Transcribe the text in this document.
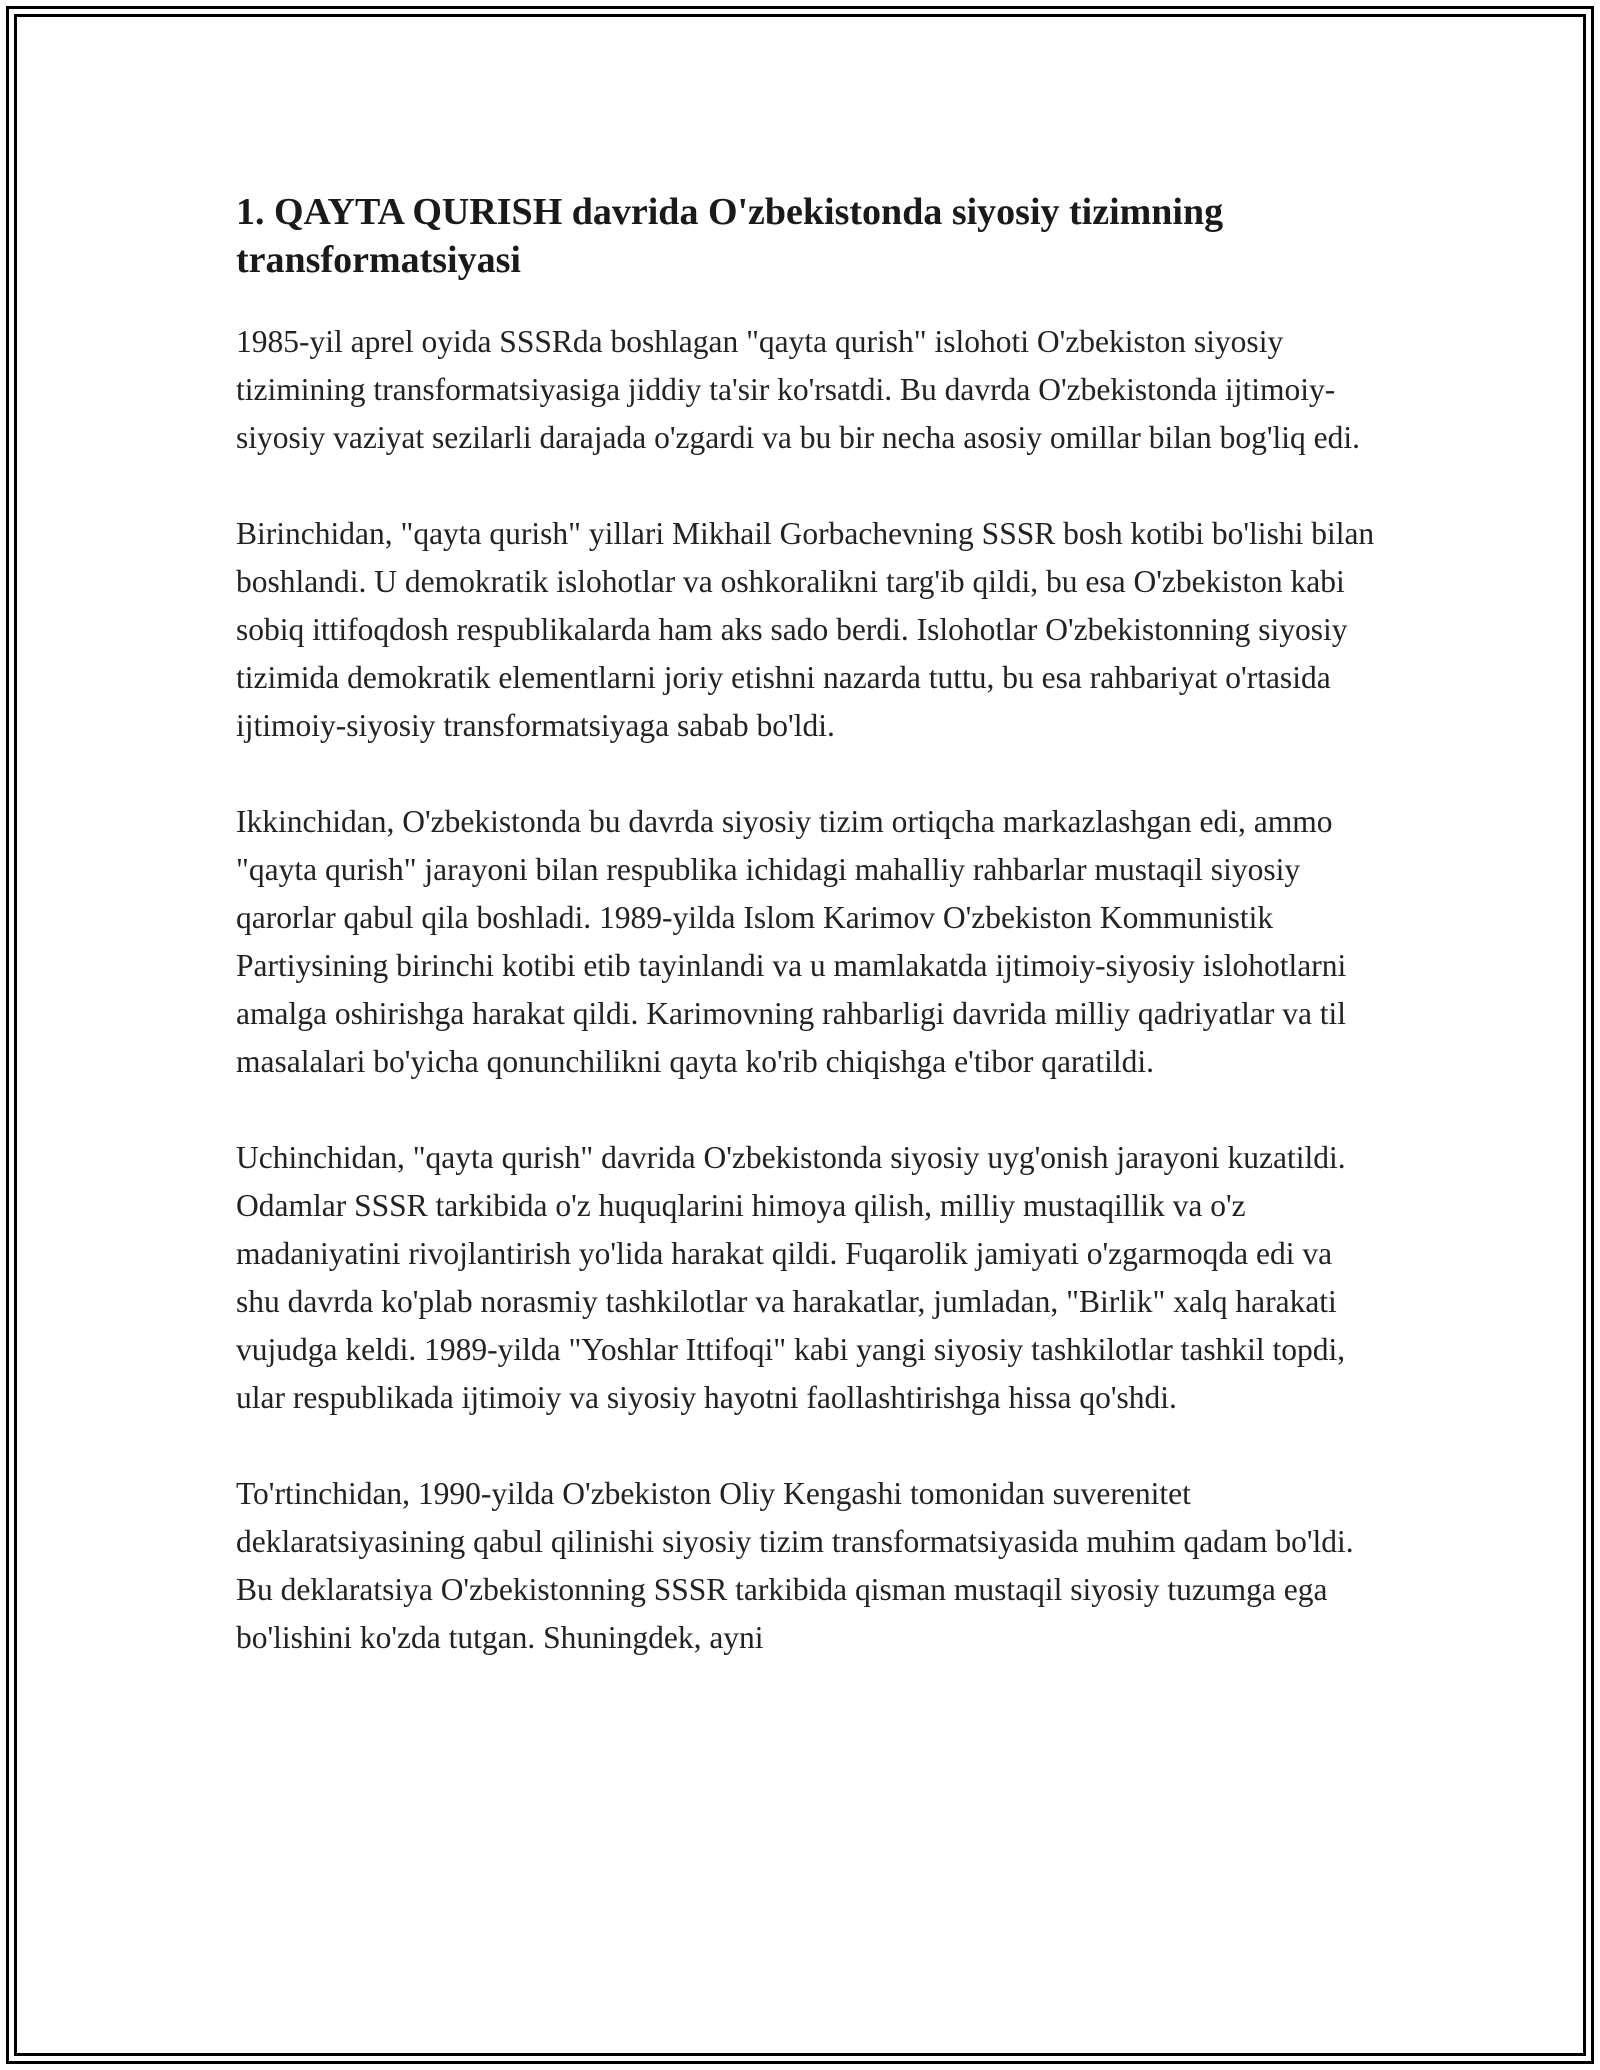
1. QAYTA QURISH davrida O'zbekistonda siyosiy tizimning transformatsiyasi

1985-yil aprel oyida SSSRda boshlagan "qayta qurish" islohoti O'zbekiston siyosiy tizimining transformatsiyasiga jiddiy ta'sir ko'rsatdi. Bu davrda O'zbekistonda ijtimoiy-siyosiy vaziyat sezilarli darajada o'zgardi va bu bir necha asosiy omillar bilan bog'liq edi.

Birinchidan, "qayta qurish" yillari Mikhail Gorbachevning SSSR bosh kotibi bo'lishi bilan boshlandi. U demokratik islohotlar va oshkoralikni targ'ib qildi, bu esa O'zbekiston kabi sobiq ittifoqdosh respublikalarda ham aks sado berdi. Islohotlar O'zbekistonning siyosiy tizimida demokratik elementlarni joriy etishni nazarda tuttu, bu esa rahbariyat o'rtasida ijtimoiy-siyosiy transformatsiyaga sabab bo'ldi.

Ikkinchidan, O'zbekistonda bu davrda siyosiy tizim ortiqcha markazlashgan edi, ammo "qayta qurish" jarayoni bilan respublika ichidagi mahalliy rahbarlar mustaqil siyosiy qarorlar qabul qila boshladi. 1989-yilda Islom Karimov O'zbekiston Kommunistik Partiysining birinchi kotibi etib tayinlandi va u mamlakatda ijtimoiy-siyosiy islohotlarni amalga oshirishga harakat qildi. Karimovning rahbarligi davrida milliy qadriyatlar va til masalalari bo'yicha qonunchilikni qayta ko'rib chiqishga e'tibor qaratildi.

Uchinchidan, "qayta qurish" davrida O'zbekistonda siyosiy uyg'onish jarayoni kuzatildi. Odamlar SSSR tarkibida o'z huquqlarini himoya qilish, milliy mustaqillik va o'z madaniyatini rivojlantirish yo'lida harakat qildi. Fuqarolik jamiyati o'zgarmoqda edi va shu davrda ko'plab norasmiy tashkilotlar va harakatlar, jumladan, "Birlik" xalq harakati vujudga keldi. 1989-yilda "Yoshlar Ittifoqi" kabi yangi siyosiy tashkilotlar tashkil topdi, ular respublikada ijtimoiy va siyosiy hayotni faollashtirishga hissa qo'shdi.

To'rtinchidan, 1990-yilda O'zbekiston Oliy Kengashi tomonidan suverenitet deklaratsiyasining qabul qilinishi siyosiy tizim transformatsiyasida muhim qadam bo'ldi. Bu deklaratsiya O'zbekistonning SSSR tarkibida qisman mustaqil siyosiy tuzumga ega bo'lishini ko'zda tutgan. Shuningdek, ayni
